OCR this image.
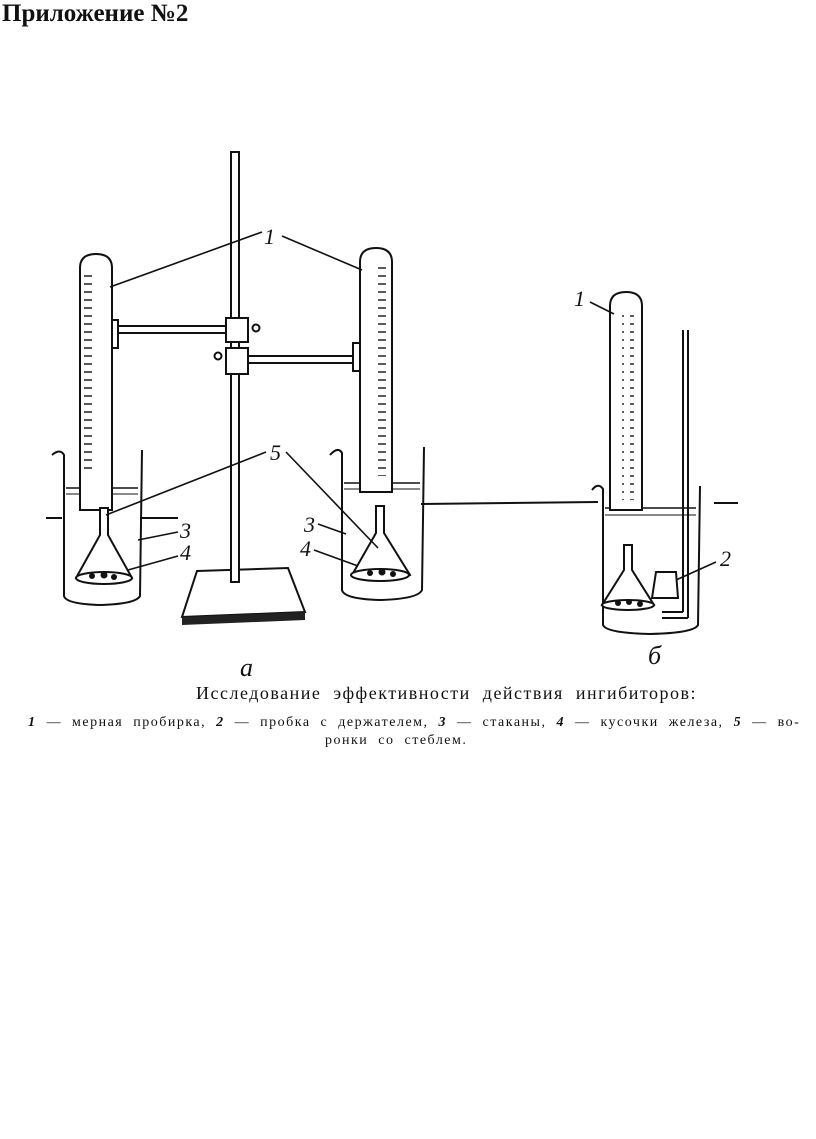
Приложение №2
1
5
3
4
3
4
1
2
а	б
Исследование эффективности действия ингибиторов:
1 — мерная пробирка, 2 — пробка с держателем, 3 — стаканы, 4 — кусочки железа, 5 — во-
ронки со стеблем.
